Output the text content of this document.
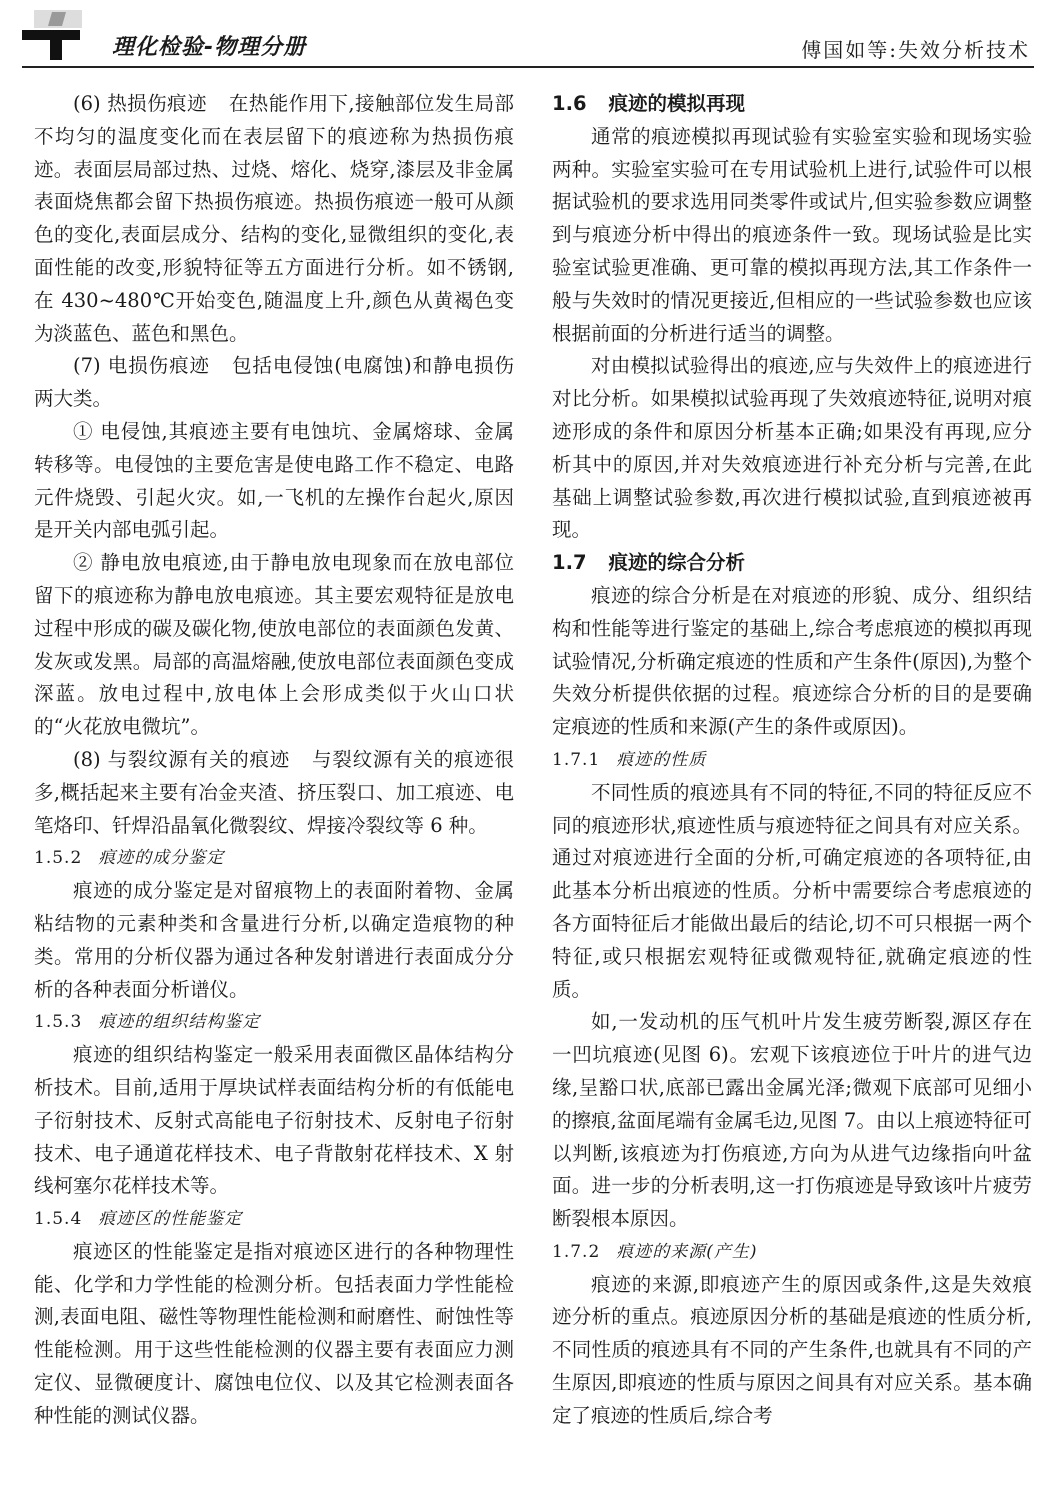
理化检验-物理分册	傅国如等:失效分析技术

(6) 热损伤痕迹 在热能作用下,接触部位发生局部不均匀的温度变化而在表层留下的痕迹称为热损伤痕迹。表面层局部过热、过烧、熔化、烧穿,漆层及非金属表面烧焦都会留下热损伤痕迹。热损伤痕迹一般可从颜色的变化,表面层成分、结构的变化,显微组织的变化,表面性能的改变,形貌特征等五方面进行分析。如不锈钢,在 430~480℃开始变色,随温度上升,颜色从黄褐色变为淡蓝色、蓝色和黑色。

(7) 电损伤痕迹 包括电侵蚀(电腐蚀)和静电损伤两大类。

① 电侵蚀,其痕迹主要有电蚀坑、金属熔球、金属转移等。电侵蚀的主要危害是使电路工作不稳定、电路元件烧毁、引起火灾。如,一飞机的左操作台起火,原因是开关内部电弧引起。

② 静电放电痕迹,由于静电放电现象而在放电部位留下的痕迹称为静电放电痕迹。其主要宏观特征是放电过程中形成的碳及碳化物,使放电部位的表面颜色发黄、发灰或发黑。局部的高温熔融,使放电部位表面颜色变成深蓝。放电过程中,放电体上会形成类似于火山口状的“火花放电微坑”。

(8) 与裂纹源有关的痕迹 与裂纹源有关的痕迹很多,概括起来主要有冶金夹渣、挤压裂口、加工痕迹、电笔烙印、钎焊沿晶氧化微裂纹、焊接冷裂纹等 6 种。

1.5.2 痕迹的成分鉴定

痕迹的成分鉴定是对留痕物上的表面附着物、金属粘结物的元素种类和含量进行分析,以确定造痕物的种类。常用的分析仪器为通过各种发射谱进行表面成分分析的各种表面分析谱仪。

1.5.3 痕迹的组织结构鉴定

痕迹的组织结构鉴定一般采用表面微区晶体结构分析技术。目前,适用于厚块试样表面结构分析的有低能电子衍射技术、反射式高能电子衍射技术、反射电子衍射技术、电子通道花样技术、电子背散射花样技术、X 射线柯塞尔花样技术等。

1.5.4 痕迹区的性能鉴定

痕迹区的性能鉴定是指对痕迹区进行的各种物理性能、化学和力学性能的检测分析。包括表面力学性能检测,表面电阻、磁性等物理性能检测和耐磨性、耐蚀性等性能检测。用于这些性能检测的仪器主要有表面应力测定仪、显微硬度计、腐蚀电位仪、以及其它检测表面各种性能的测试仪器。

1.6 痕迹的模拟再现

通常的痕迹模拟再现试验有实验室实验和现场实验两种。实验室实验可在专用试验机上进行,试验件可以根据试验机的要求选用同类零件或试片,但实验参数应调整到与痕迹分析中得出的痕迹条件一致。现场试验是比实验室试验更准确、更可靠的模拟再现方法,其工作条件一般与失效时的情况更接近,但相应的一些试验参数也应该根据前面的分析进行适当的调整。

对由模拟试验得出的痕迹,应与失效件上的痕迹进行对比分析。如果模拟试验再现了失效痕迹特征,说明对痕迹形成的条件和原因分析基本正确;如果没有再现,应分析其中的原因,并对失效痕迹进行补充分析与完善,在此基础上调整试验参数,再次进行模拟试验,直到痕迹被再现。

1.7 痕迹的综合分析

痕迹的综合分析是在对痕迹的形貌、成分、组织结构和性能等进行鉴定的基础上,综合考虑痕迹的模拟再现试验情况,分析确定痕迹的性质和产生条件(原因),为整个失效分析提供依据的过程。痕迹综合分析的目的是要确定痕迹的性质和来源(产生的条件或原因)。

1.7.1 痕迹的性质

不同性质的痕迹具有不同的特征,不同的特征反应不同的痕迹形状,痕迹性质与痕迹特征之间具有对应关系。通过对痕迹进行全面的分析,可确定痕迹的各项特征,由此基本分析出痕迹的性质。分析中需要综合考虑痕迹的各方面特征后才能做出最后的结论,切不可只根据一两个特征,或只根据宏观特征或微观特征,就确定痕迹的性质。

如,一发动机的压气机叶片发生疲劳断裂,源区存在一凹坑痕迹(见图 6)。宏观下该痕迹位于叶片的进气边缘,呈豁口状,底部已露出金属光泽;微观下底部可见细小的擦痕,盆面尾端有金属毛边,见图 7。由以上痕迹特征可以判断,该痕迹为打伤痕迹,方向为从进气边缘指向叶盆面。进一步的分析表明,这一打伤痕迹是导致该叶片疲劳断裂根本原因。

1.7.2 痕迹的来源(产生)

痕迹的来源,即痕迹产生的原因或条件,这是失效痕迹分析的重点。痕迹原因分析的基础是痕迹的性质分析,不同性质的痕迹具有不同的产生条件,也就具有不同的产生原因,即痕迹的性质与原因之间具有对应关系。基本确定了痕迹的性质后,综合考
